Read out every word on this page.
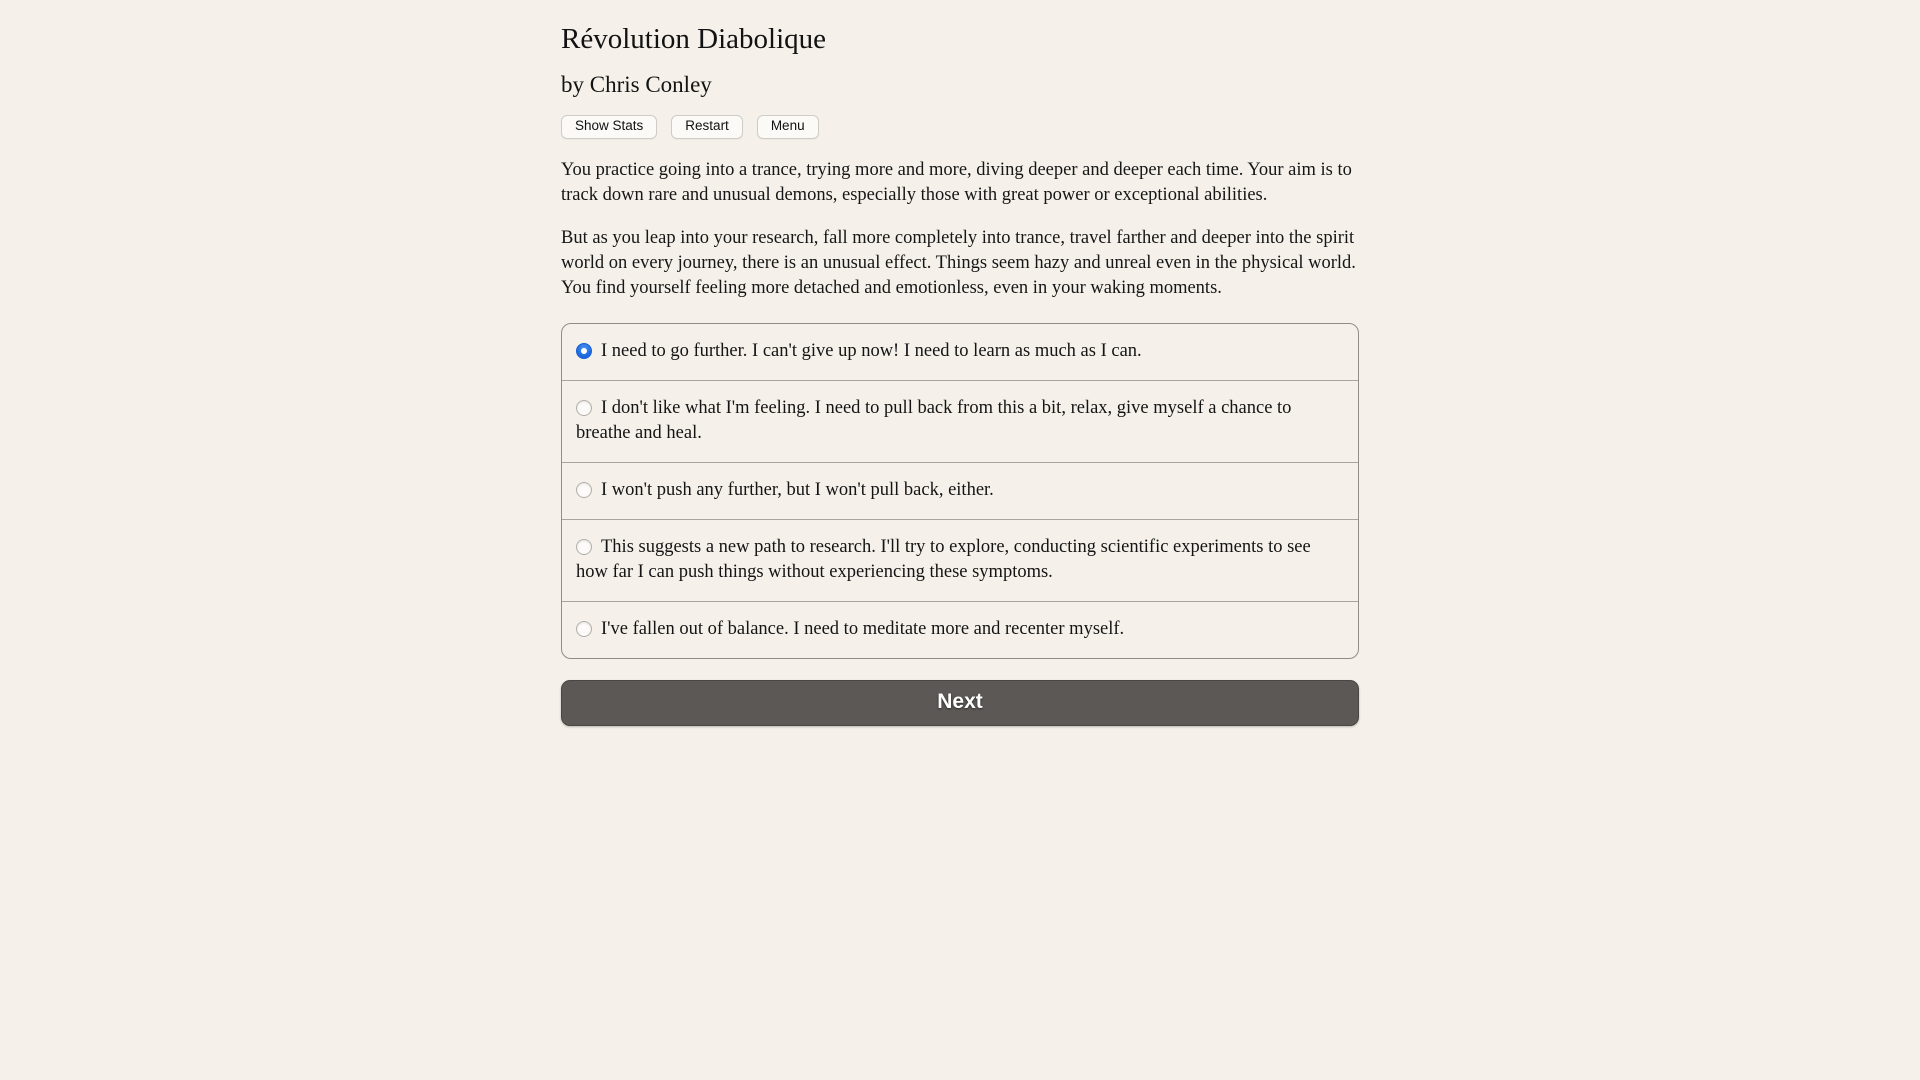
Révolution Diabolique
by Chris Conley
Show Stats	Restart	Menu

You practice going into a trance, trying more and more, diving deeper and deeper each time. Your aim is to track down rare and unusual demons, especially those with great power or exceptional abilities.

But as you leap into your research, fall more completely into trance, travel farther and deeper into the spirit world on every journey, there is an unusual effect. Things seem hazy and unreal even in the physical world. You find yourself feeling more detached and emotionless, even in your waking moments.

I need to go further. I can't give up now! I need to learn as much as I can.
I don't like what I'm feeling. I need to pull back from this a bit, relax, give myself a chance to breathe and heal.
I won't push any further, but I won't pull back, either.
This suggests a new path to research. I'll try to explore, conducting scientific experiments to see how far I can push things without experiencing these symptoms.
I've fallen out of balance. I need to meditate more and recenter myself.
Next
